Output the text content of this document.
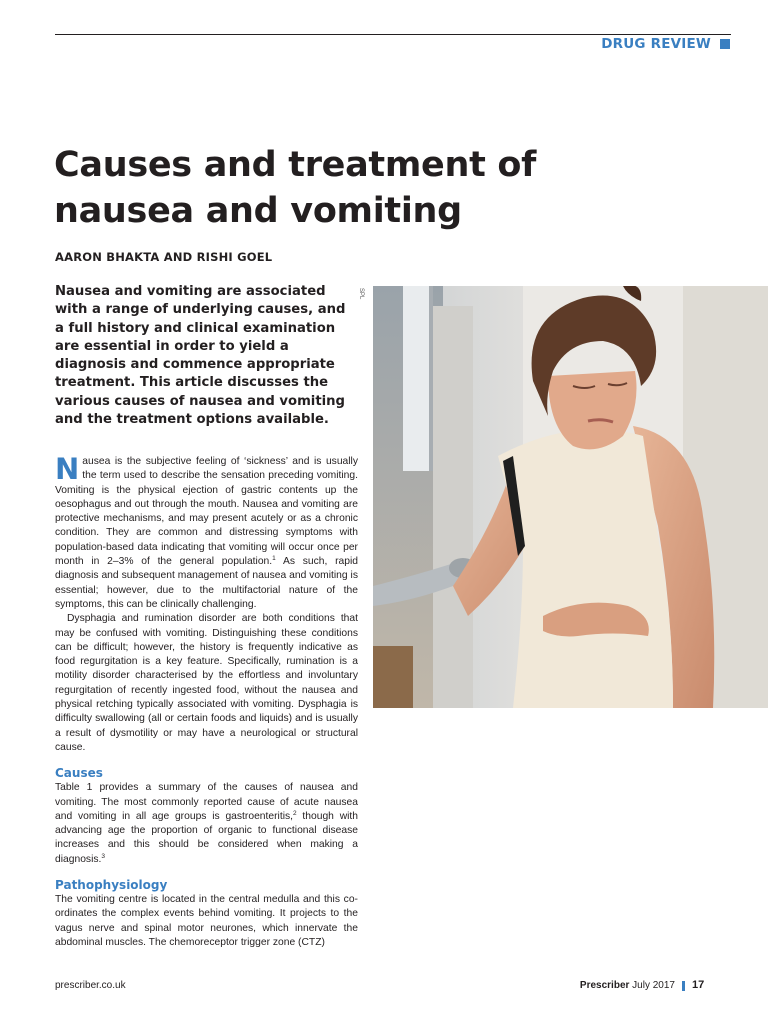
DRUG REVIEW
Causes and treatment of
nausea and vomiting
AARON BHAKTA AND RISHI GOEL

Nausea and vomiting are associated with a range of underlying causes, and a full history and clinical examination are essential in order to yield a diagnosis and commence appropriate treatment. This article discusses the various causes of nausea and vomiting and the treatment options available.

SPL

Nausea is the subjective feeling of ‘sickness’ and is usually the term used to describe the sensation preceding vomiting. Vomiting is the physical ejection of gastric contents up the oesophagus and out through the mouth. Nausea and vomiting are protective mechanisms, and may present acutely or as a chronic condition. They are common and distressing symptoms with population-based data indicating that vomiting will occur once per month in 2–3% of the general population.$^1$ As such, rapid diagnosis and subsequent management of nausea and vomiting is essential; however, due to the multifactorial nature of the symptoms, this can be clinically challenging.

Dysphagia and rumination disorder are both conditions that may be confused with vomiting. Distinguishing these conditions can be difficult; however, the history is frequently indicative as food regurgitation is a key feature. Specifically, rumination is a motility disorder characterised by the effortless and involuntary regurgitation of recently ingested food, without the nausea and physical retching typically associated with vomiting. Dysphagia is difficulty swallowing (all or certain foods and liquids) and is usually a result of dysmotility or may have a neurological or structural cause.

Causes

Table 1 provides a summary of the causes of nausea and vomiting. The most commonly reported cause of acute nausea and vomiting in all age groups is gastroenteritis,$^2$ though with advancing age the proportion of organic to functional disease increases and this should be considered when making a diagnosis.$^3$

Pathophysiology

The vomiting centre is located in the central medulla and this co-ordinates the complex events behind vomiting. It projects to the vagus nerve and spinal motor neurones, which innervate the abdominal muscles. The chemoreceptor trigger zone (CTZ)

prescriber.co.uk	Prescriber July 2017 17
